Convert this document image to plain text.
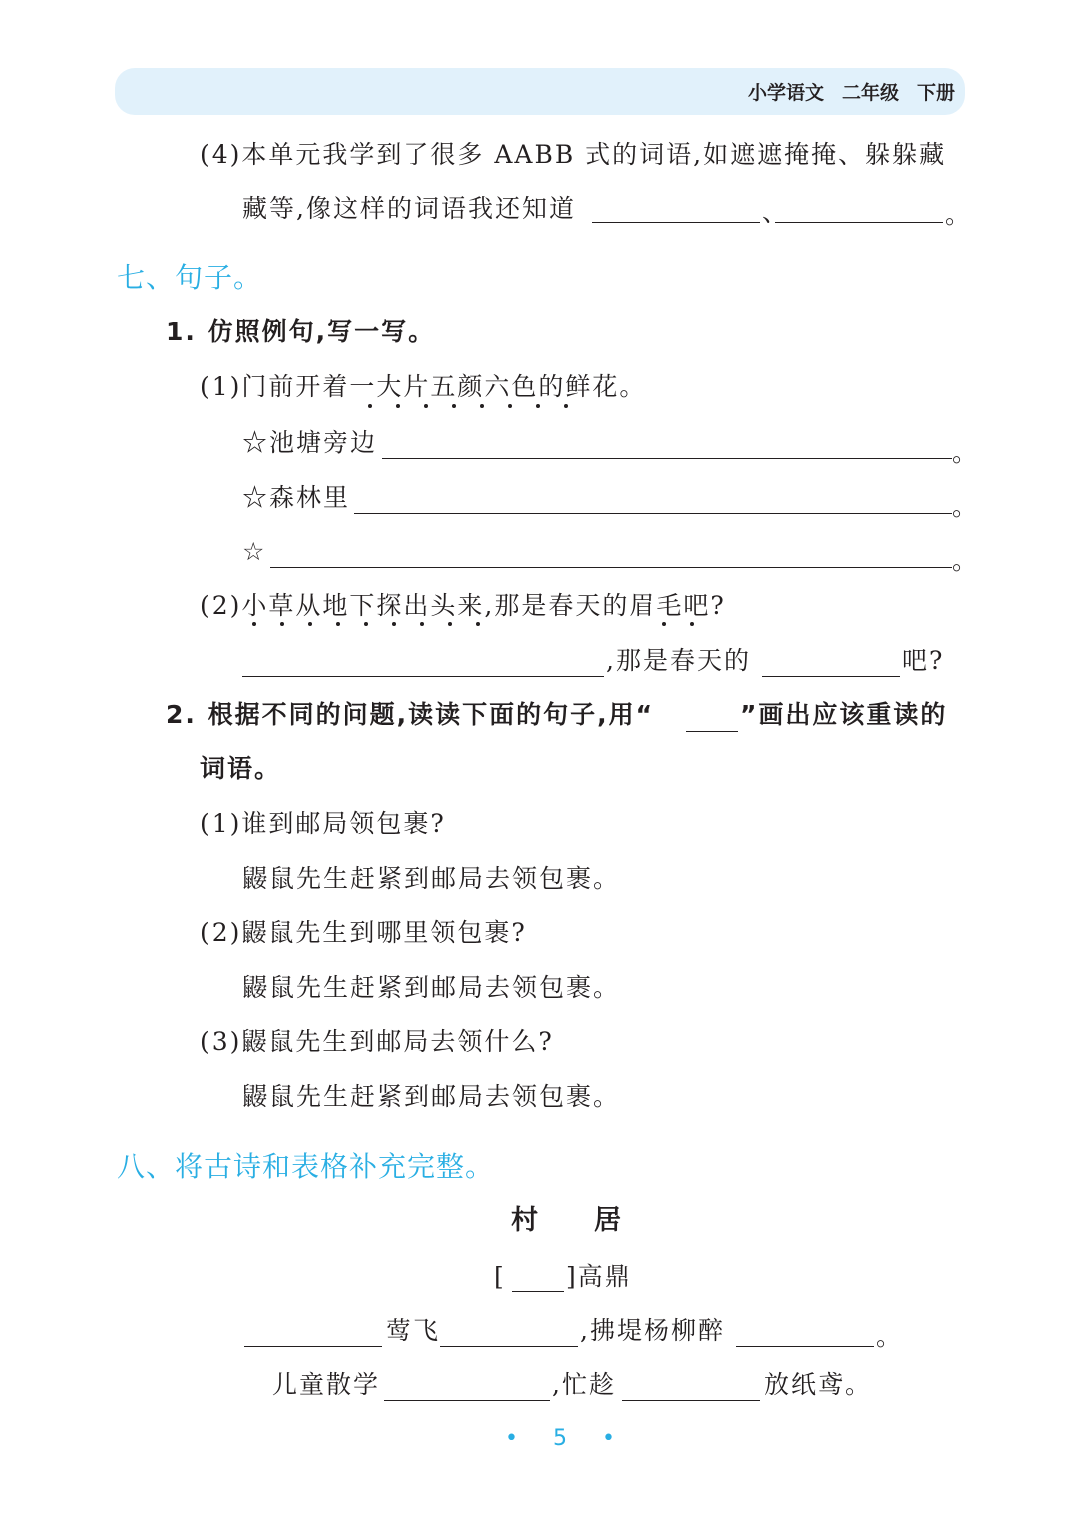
小学语文 二年级 下册
(4)本单元我学到了很多 AABB 式的词语,如遮遮掩掩、躲躲藏
藏等,像这样的词语我还知道	、	。
七、句子。
1. 仿照例句,写一写。
(1)门前开着一大片五颜六色的鲜花。
☆池塘旁边	。
☆森林里	。
☆	。
(2)小草从地下探出头来,那是春天的眉毛吧?
,那是春天的	吧?
2. 根据不同的问题,读读下面的句子,用“	”画出应该重读的
词语。
(1)谁到邮局领包裹?
鼹鼠先生赶紧到邮局去领包裹。
(2)鼹鼠先生到哪里领包裹?
鼹鼠先生赶紧到邮局去领包裹。
(3)鼹鼠先生到邮局去领什么?
鼹鼠先生赶紧到邮局去领包裹。
八、将古诗和表格补充完整。
村居
[ ]高鼎
莺飞	,拂堤杨柳醉	。
儿童散学	,忙趁	放纸鸢。
• 5 •
